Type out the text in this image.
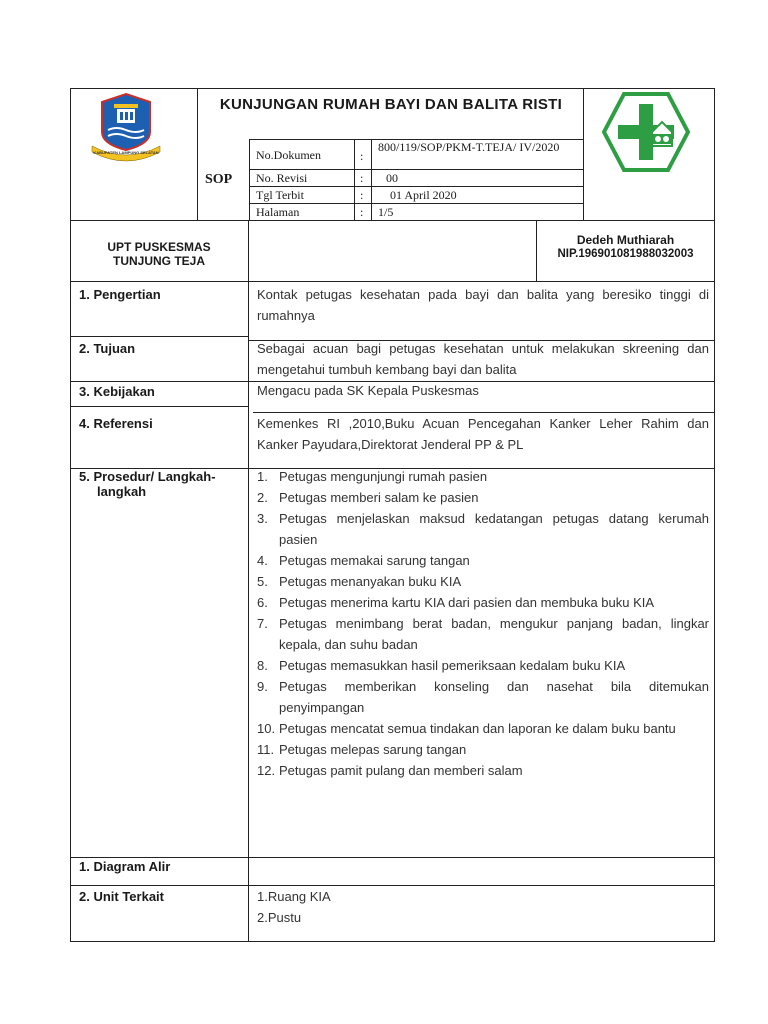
KABUPATEN LAMPUNG SELATAN
KUNJUNGAN RUMAH BAYI DAN BALITA RISTI
SOP
No.Dokumen	:
800/119/SOP/PKM-T.TEJA/ IV/2020
No. Revisi	: 00
Tgl Terbit	: 01 April 2020
Halaman	: 1/5
UPT PUSKESMAS
TUNJUNG TEJA
Dedeh Muthiarah
NIP.196901081988032003
1. Pengertian	Kontak petugas kesehatan pada bayi dan balita yang beresiko tinggi di rumahnya
2. Tujuan	Sebagai acuan bagi petugas kesehatan untuk melakukan skreening dan mengetahui tumbuh kembang bayi dan balita
3. Kebijakan	Mengacu pada SK Kepala Puskesmas
4. Referensi	Kemenkes RI ,2010,Buku Acuan Pencegahan Kanker Leher Rahim dan Kanker Payudara,Direktorat Jenderal PP & PL
5. Prosedur/ Langkah-
langkah
1. Petugas mengunjungi rumah pasien
2. Petugas memberi salam ke pasien
3. Petugas menjelaskan maksud kedatangan petugas datang kerumah pasien
4. Petugas memakai sarung tangan
5. Petugas menanyakan buku KIA
6. Petugas menerima kartu KIA dari pasien dan membuka buku KIA
7. Petugas menimbang berat badan, mengukur panjang badan, lingkar kepala, dan suhu badan
8. Petugas memasukkan hasil pemeriksaan kedalam buku KIA
9. Petugas memberikan konseling dan nasehat bila ditemukan penyimpangan
10. Petugas mencatat semua tindakan dan laporan ke dalam buku bantu
11. Petugas melepas sarung tangan
12. Petugas pamit pulang dan memberi salam
1. Diagram Alir
2. Unit Terkait	1.Ruang KIA
2.Pustu
